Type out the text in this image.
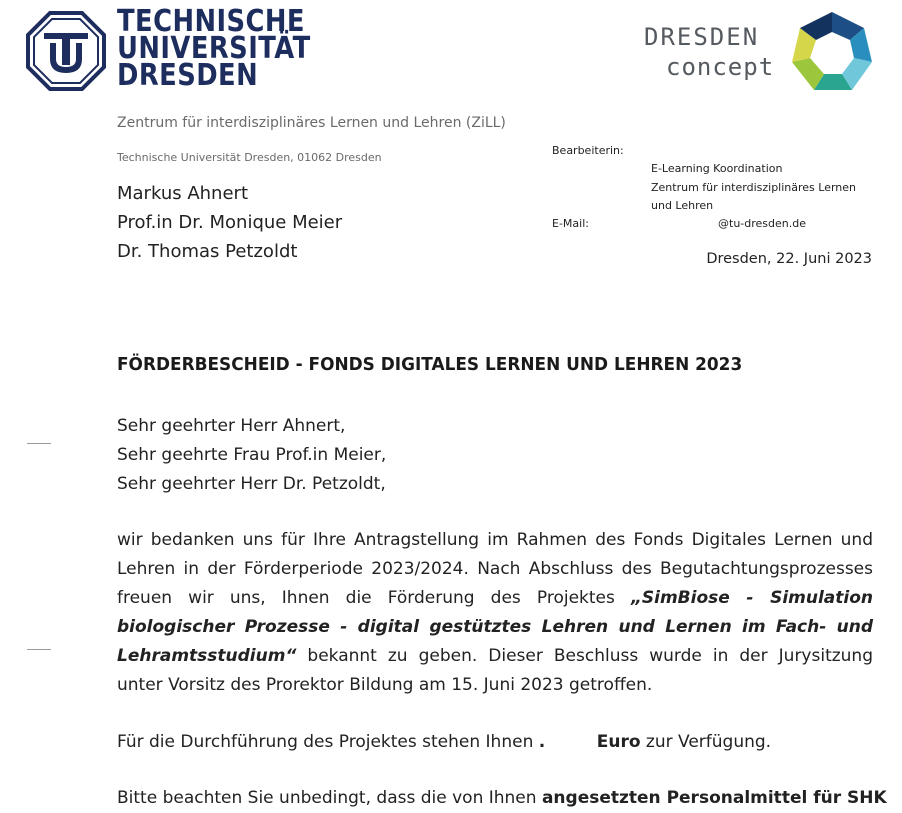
TECHNISCHE
UNIVERSITÄT
DRESDEN
DRESDEN
concept
Zentrum für interdisziplinäres Lernen und Lehren (ZiLL)
Technische Universität Dresden, 01062 Dresden
Markus Ahnert
Prof.in Dr. Monique Meier
Dr. Thomas Petzoldt
Bearbeiterin:
E-Learning Koordination
Zentrum für interdisziplinäres Lernen und Lehren
E-Mail:	@tu-dresden.de
Dresden, 22. Juni 2023
FÖRDERBESCHEID - FONDS DIGITALES LERNEN UND LEHREN 2023
Sehr geehrter Herr Ahnert,
Sehr geehrte Frau Prof.in Meier,
Sehr geehrter Herr Dr. Petzoldt,
wir bedanken uns für Ihre Antragstellung im Rahmen des Fonds Digitales Lernen und Lehren in der Förderperiode 2023/2024. Nach Abschluss des Begutachtungsprozesses freuen wir uns, Ihnen die Förderung des Projektes „SimBiose - Simulation biologischer Prozesse - digital gestütztes Lehren und Lernen im Fach- und Lehramtsstudium“ bekannt zu geben. Dieser Beschluss wurde in der Jurysitzung unter Vorsitz des Prorektor Bildung am 15. Juni 2023 getroffen.
Für die Durchführung des Projektes stehen Ihnen .	Euro zur Verfügung.
Bitte beachten Sie unbedingt, dass die von Ihnen angesetzten Personalmittel für SHK
